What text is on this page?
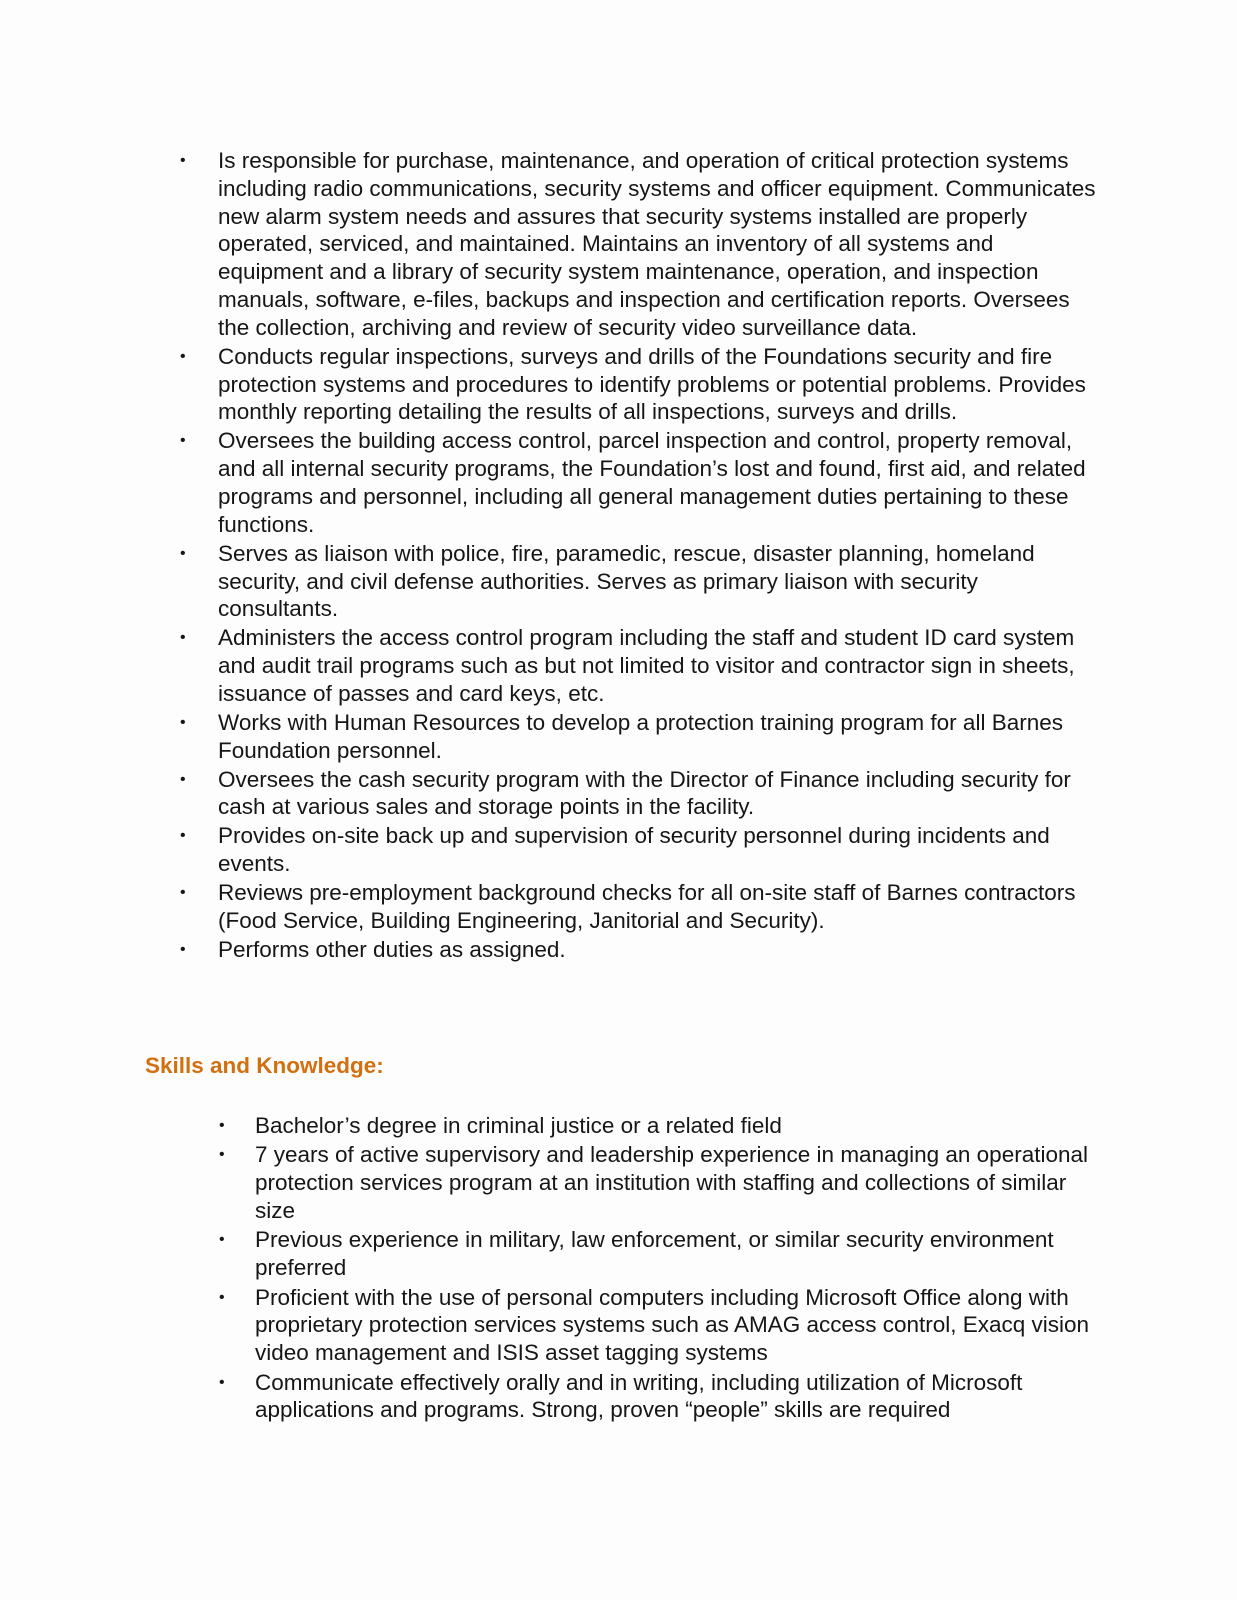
• Is responsible for purchase, maintenance, and operation of critical protection systems including radio communications, security systems and officer equipment. Communicates new alarm system needs and assures that security systems installed are properly operated, serviced, and maintained. Maintains an inventory of all systems and equipment and a library of security system maintenance, operation, and inspection manuals, software, e-files, backups and inspection and certification reports. Oversees the collection, archiving and review of security video surveillance data.
• Conducts regular inspections, surveys and drills of the Foundations security and fire protection systems and procedures to identify problems or potential problems. Provides monthly reporting detailing the results of all inspections, surveys and drills.
• Oversees the building access control, parcel inspection and control, property removal, and all internal security programs, the Foundation’s lost and found, first aid, and related programs and personnel, including all general management duties pertaining to these functions.
• Serves as liaison with police, fire, paramedic, rescue, disaster planning, homeland security, and civil defense authorities. Serves as primary liaison with security consultants.
• Administers the access control program including the staff and student ID card system and audit trail programs such as but not limited to visitor and contractor sign in sheets, issuance of passes and card keys, etc.
• Works with Human Resources to develop a protection training program for all Barnes Foundation personnel.
• Oversees the cash security program with the Director of Finance including security for cash at various sales and storage points in the facility.
• Provides on-site back up and supervision of security personnel during incidents and events.
• Reviews pre-employment background checks for all on-site staff of Barnes contractors (Food Service, Building Engineering, Janitorial and Security).
• Performs other duties as assigned.
Skills and Knowledge:
• Bachelor’s degree in criminal justice or a related field
• 7 years of active supervisory and leadership experience in managing an operational protection services program at an institution with staffing and collections of similar size
• Previous experience in military, law enforcement, or similar security environment preferred
• Proficient with the use of personal computers including Microsoft Office along with proprietary protection services systems such as AMAG access control, Exacq vision video management and ISIS asset tagging systems
• Communicate effectively orally and in writing, including utilization of Microsoft applications and programs. Strong, proven “people” skills are required
